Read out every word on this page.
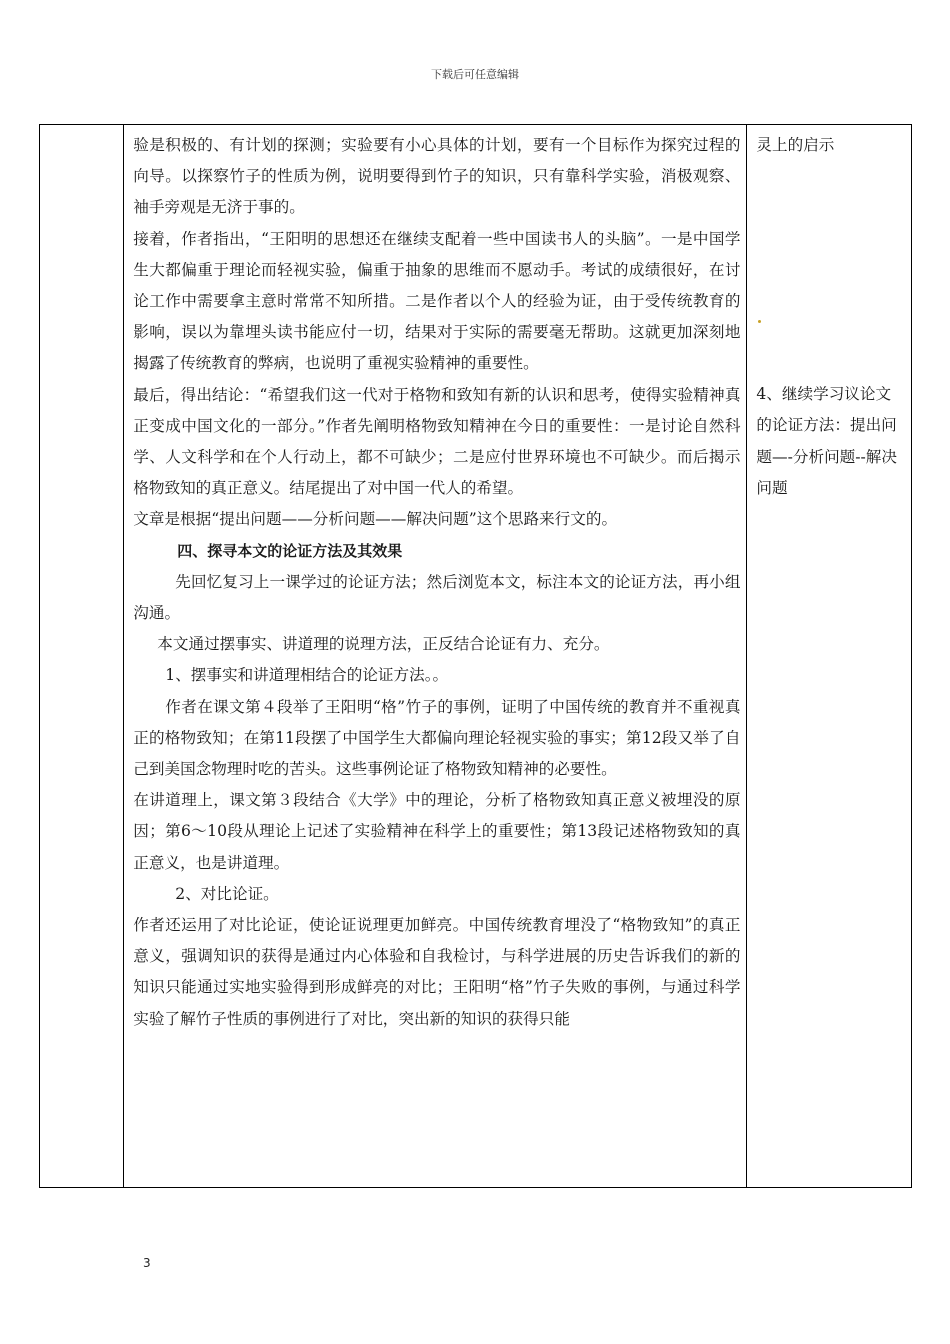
下载后可任意编辑

验是积极的、有计划的探测；实验要有小心具体的计划，要有一个目标作为探究过程的向导。以探察竹子的性质为例，说明要得到竹子的知识，只有靠科学实验，消极观察、袖手旁观是无济于事的。

接着，作者指出，“王阳明的思想还在继续支配着一些中国读书人的头脑”。一是中国学生大都偏重于理论而轻视实验，偏重于抽象的思维而不愿动手。考试的成绩很好，在讨论工作中需要拿主意时常常不知所措。二是作者以个人的经验为证，由于受传统教育的影响，误以为靠埋头读书能应付一切，结果对于实际的需要毫无帮助。这就更加深刻地揭露了传统教育的弊病，也说明了重视实验精神的重要性。

最后，得出结论：“希望我们这一代对于格物和致知有新的认识和思考，使得实验精神真正变成中国文化的一部分。”作者先阐明格物致知精神在今日的重要性：一是讨论自然科学、人文科学和在个人行动上，都不可缺少；二是应付世界环境也不可缺少。而后揭示格物致知的真正意义。结尾提出了对中国一代人的希望。

文章是根据“提出问题——分析问题——解决问题”这个思路来行文的。

四、探寻本文的论证方法及其效果

先回忆复习上一课学过的论证方法；然后浏览本文，标注本文的论证方法，再小组沟通。

本文通过摆事实、讲道理的说理方法，正反结合论证有力、充分。

1、摆事实和讲道理相结合的论证方法。。

作者在课文第４段举了王阳明“格”竹子的事例，证明了中国传统的教育并不重视真正的格物致知；在第11段摆了中国学生大都偏向理论轻视实验的事实；第12段又举了自己到美国念物理时吃的苦头。这些事例论证了格物致知精神的必要性。

在讲道理上，课文第３段结合《大学》中的理论，分析了格物致知真正意义被埋没的原因；第6～10段从理论上记述了实验精神在科学上的重要性；第13段记述格物致知的真正意义，也是讲道理。

2、对比论证。

作者还运用了对比论证，使论证说理更加鲜亮。中国传统教育埋没了“格物致知”的真正意义，强调知识的获得是通过内心体验和自我检讨，与科学进展的历史告诉我们的新的知识只能通过实地实验得到形成鲜亮的对比；王阳明“格”竹子失败的事例，与通过科学实验了解竹子性质的事例进行了对比，突出新的知识的获得只能

灵上的启示

4、继续学习议论文的论证方法：提出问题—-分析问题--解决问题

3
